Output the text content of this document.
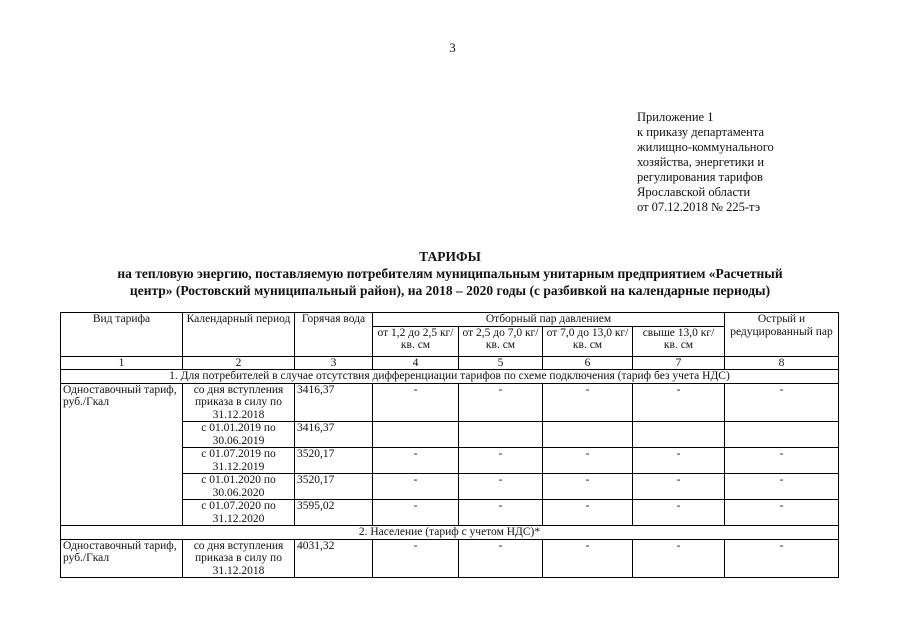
3
Приложение 1
к приказу департамента
жилищно-коммунального
хозяйства, энергетики и
регулирования тарифов
Ярославской области
от 07.12.2018 № 225-тэ
ТАРИФЫ
на тепловую энергию, поставляемую потребителям муниципальным унитарным предприятием «Расчетный
центр» (Ростовский муниципальный район), на 2018 – 2020 годы (с разбивкой на календарные периоды)
Вид тарифа	Календарный период	Горячая вода	Отборный пар давлением				Острый и редуцированный пар
			от 1,2 до 2,5 кг/ кв. см	от 2,5 до 7,0 кг/ кв. см	от 7,0 до 13,0 кг/ кв. см	свыше 13,0 кг/ кв. см	
1	2	3	4	5	6	7	8
1. Для потребителей в случае отсутствия дифференциации тарифов по схеме подключения (тариф без учета НДС)							
Одноставочный тариф, руб./Гкал	со дня вступления приказа в силу по 31.12.2018	3416,37	-	-	-	-	-
	с 01.01.2019 по 30.06.2019	3416,37					
	с 01.07.2019 по 31.12.2019	3520,17	-	-	-	-	-
	с 01.01.2020 по 30.06.2020	3520,17	-	-	-	-	-
	с 01.07.2020 по 31.12.2020	3595,02	-	-	-	-	-
2. Население (тариф с учетом НДС)*							
Одноставочный тариф, руб./Гкал	со дня вступления приказа в силу по 31.12.2018	4031,32	-	-	-	-	-
